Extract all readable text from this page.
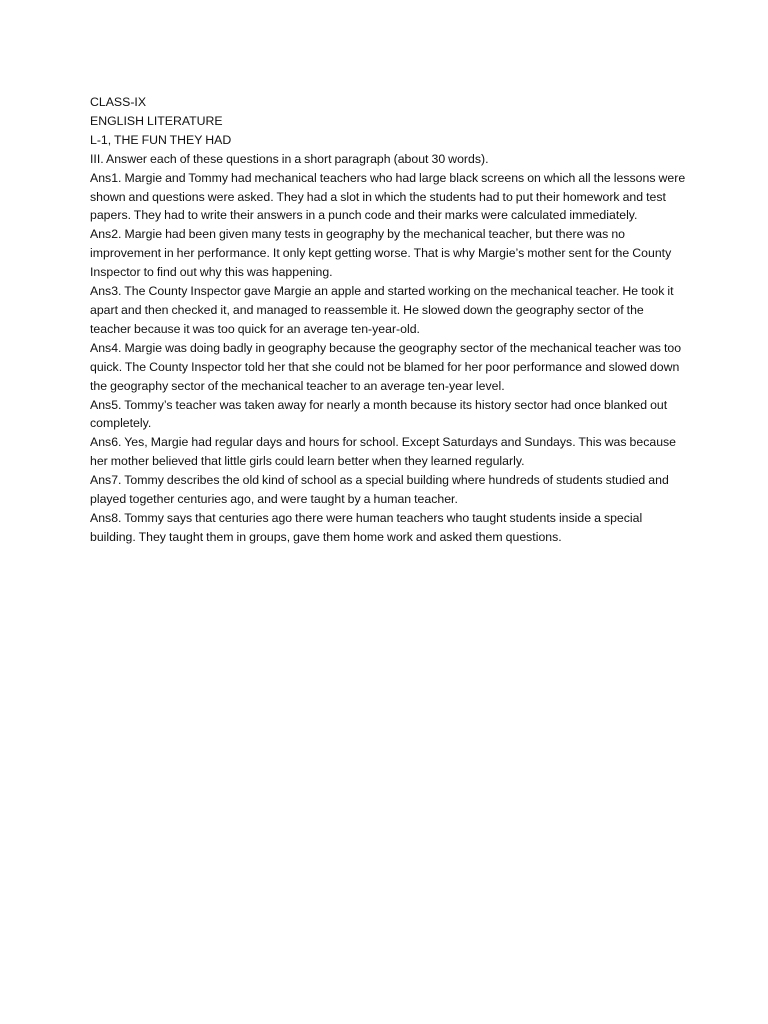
CLASS-IX
ENGLISH LITERATURE
L-1, THE FUN THEY HAD
III. Answer each of these questions in a short paragraph (about 30 words).
Ans1. Margie and Tommy had mechanical teachers who had large black screens on which all the lessons were shown and questions were asked. They had a slot in which the students had to put their homework and test papers. They had to write their answers in a punch code and their marks were calculated immediately.
Ans2. Margie had been given many tests in geography by the mechanical teacher, but there was no improvement in her performance. It only kept getting worse. That is why Margie’s mother sent for the County Inspector to find out why this was happening.
Ans3. The County Inspector gave Margie an apple and started working on the mechanical teacher. He took it apart and then checked it, and managed to reassemble it. He slowed down the geography sector of the teacher because it was too quick for an average ten-year-old.
Ans4. Margie was doing badly in geography because the geography sector of the mechanical teacher was too quick. The County Inspector told her that she could not be blamed for her poor performance and slowed down the geography sector of the mechanical teacher to an average ten-year level.
Ans5. Tommy’s teacher was taken away for nearly a month because its history sector had once blanked out completely.
Ans6. Yes, Margie had regular days and hours for school. Except Saturdays and Sundays. This was because her mother believed that little girls could learn better when they learned regularly.
Ans7. Tommy describes the old kind of school as a special building where hundreds of students studied and played together centuries ago, and were taught by a human teacher.
Ans8. Tommy says that centuries ago there were human teachers who taught students inside a special building. They taught them in groups, gave them home work and asked them questions.
